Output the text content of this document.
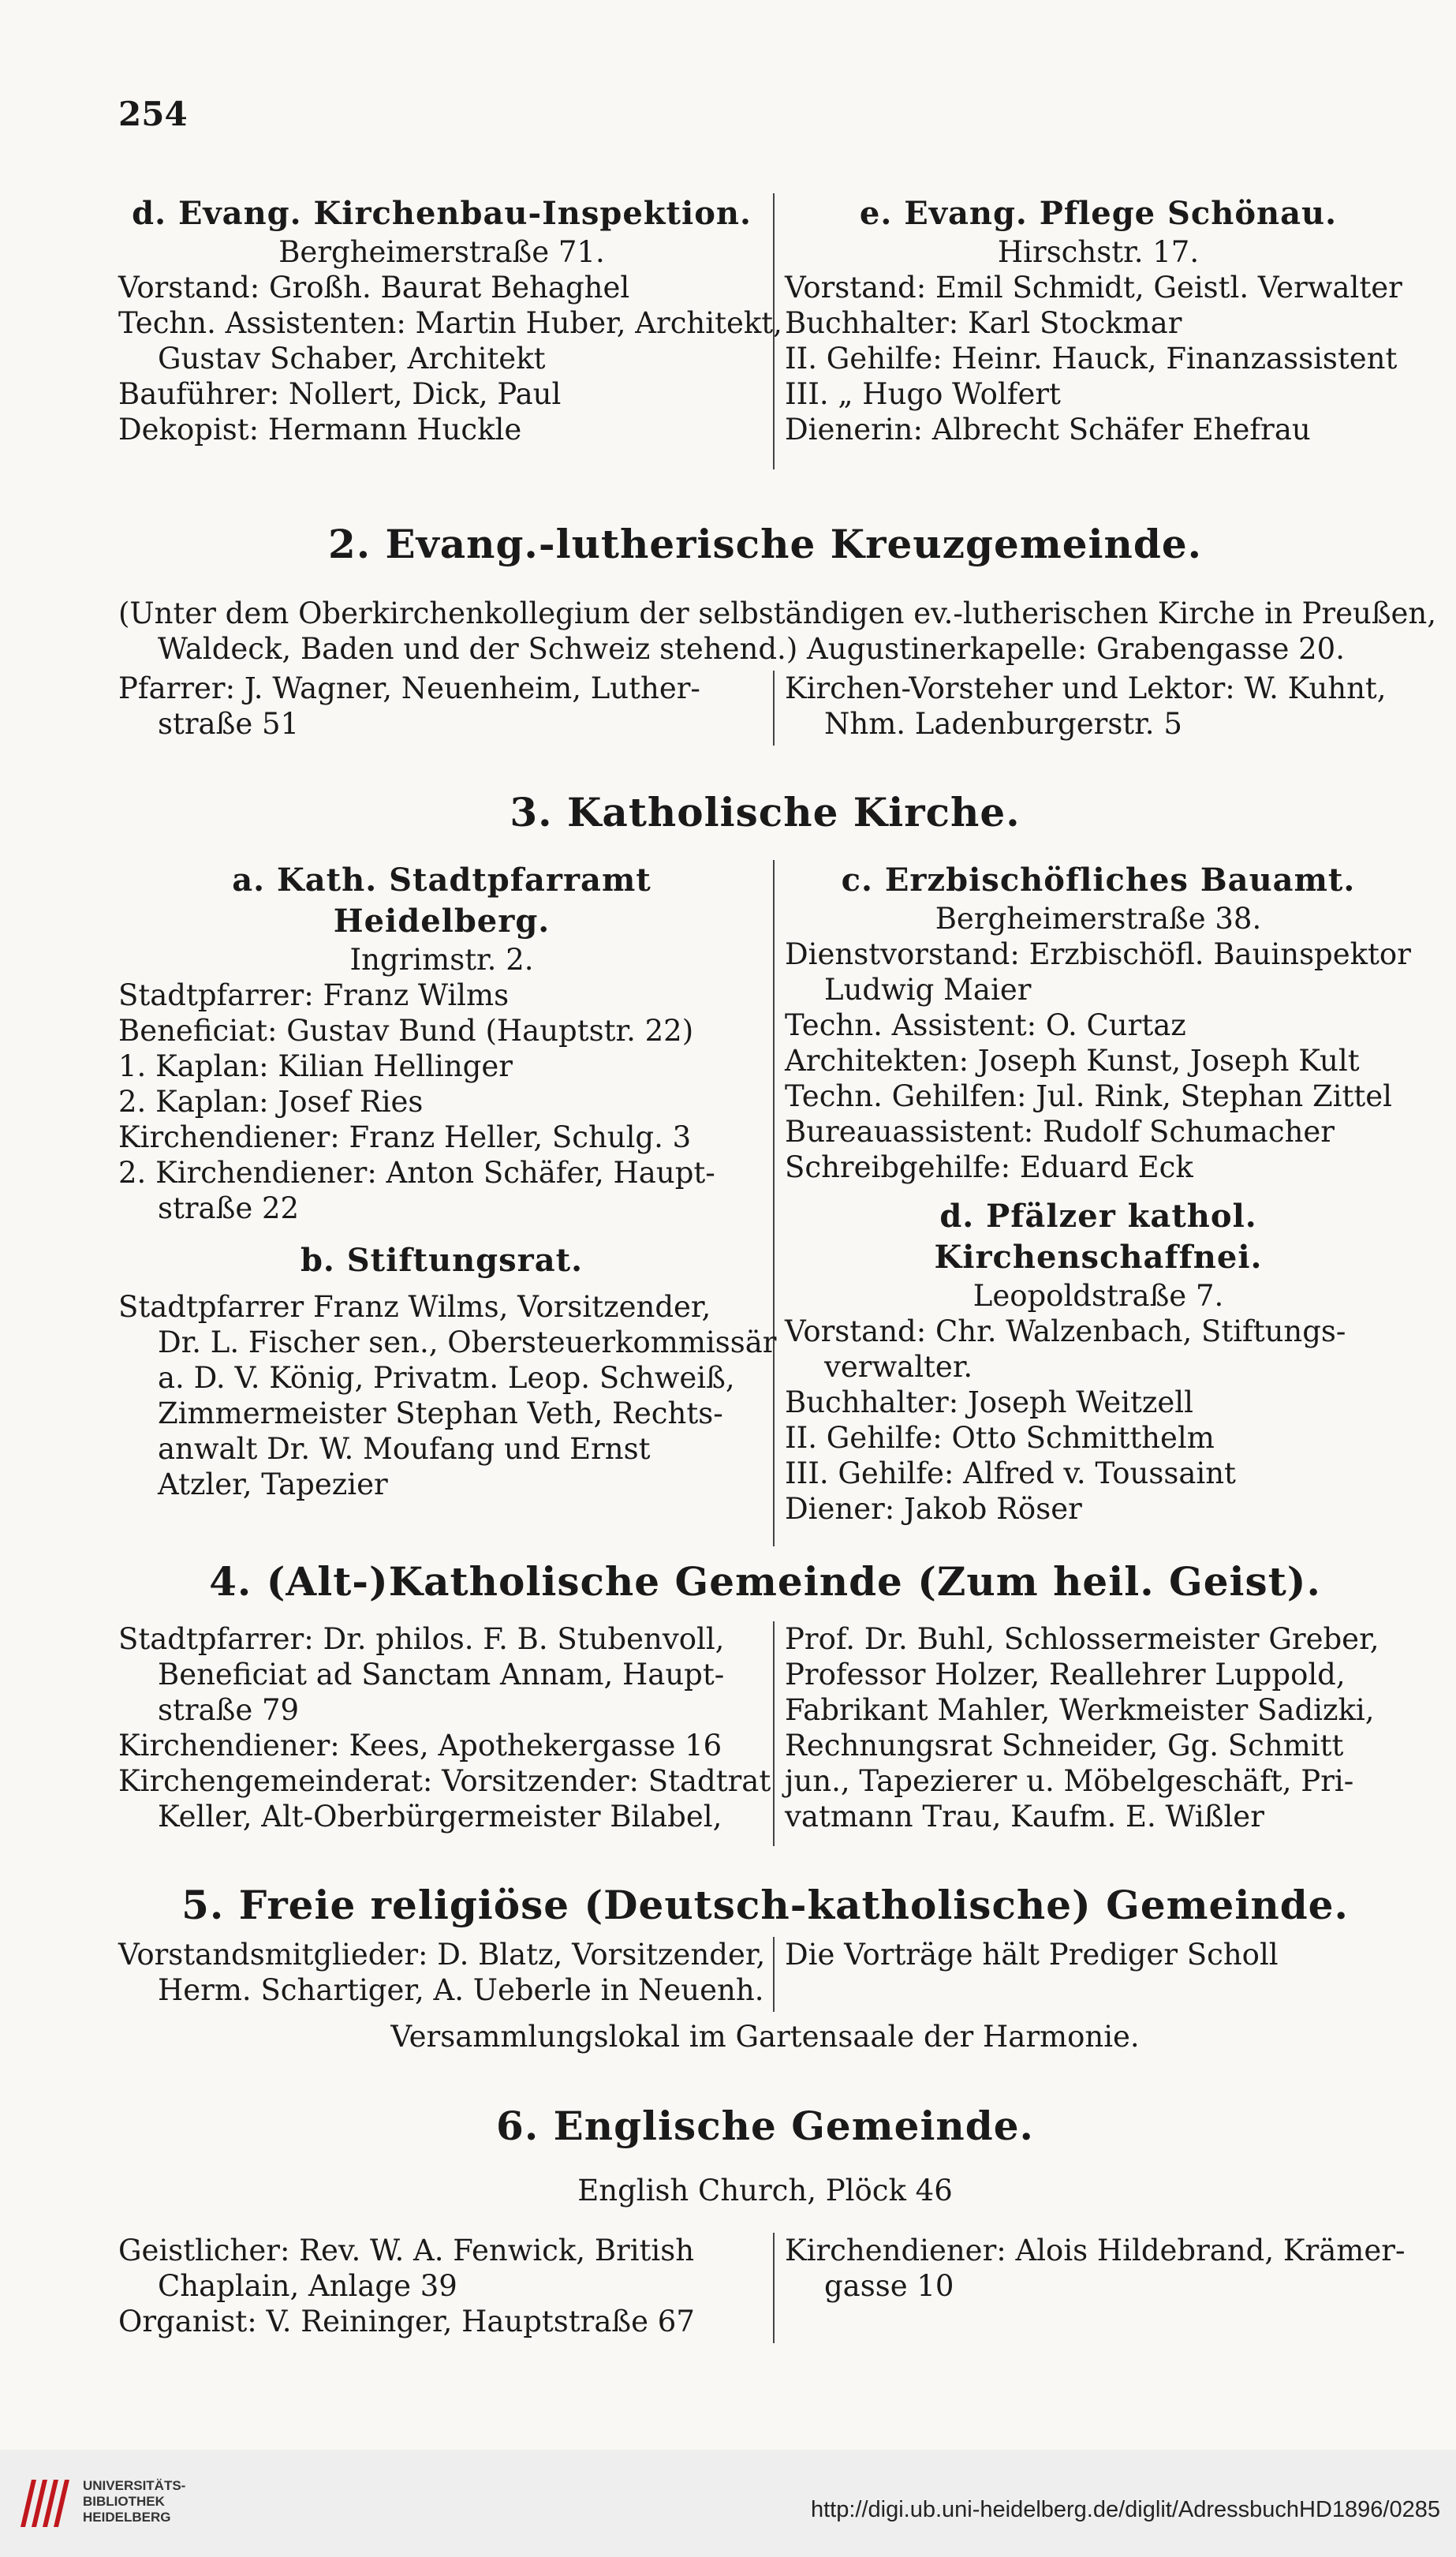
254
d. Evang. Kirchenbau-Inspektion.
Bergheimerstraße 71.
Vorstand: Großh. Baurat Behaghel
Techn. Assistenten: Martin Huber, Architekt,
Gustav Schaber, Architekt
Bauführer: Nollert, Dick, Paul
Dekopist: Hermann Huckle
e. Evang. Pflege Schönau.
Hirschstr. 17.
Vorstand: Emil Schmidt, Geistl. Verwalter
Buchhalter: Karl Stockmar
II. Gehilfe: Heinr. Hauck, Finanzassistent
III. „ Hugo Wolfert
Dienerin: Albrecht Schäfer Ehefrau
2. Evang.-lutherische Kreuzgemeinde.
(Unter dem Oberkirchenkollegium der selbständigen ev.-lutherischen Kirche in Preußen,
Waldeck, Baden und der Schweiz stehend.) Augustinerkapelle: Grabengasse 20.
Pfarrer: J. Wagner, Neuenheim, Luther-
straße 51
Kirchen-Vorsteher und Lektor: W. Kuhnt,
Nhm. Ladenburgerstr. 5
3. Katholische Kirche.
a. Kath. Stadtpfarramt Heidelberg.
Ingrimstr. 2.
Stadtpfarrer: Franz Wilms
Beneficiat: Gustav Bund (Hauptstr. 22)
1. Kaplan: Kilian Hellinger
2. Kaplan: Josef Ries
Kirchendiener: Franz Heller, Schulg. 3
2. Kirchendiener: Anton Schäfer, Haupt-
straße 22
b. Stiftungsrat.
Stadtpfarrer Franz Wilms, Vorsitzender,
Dr. L. Fischer sen., Obersteuerkommissär
a. D. V. König, Privatm. Leop. Schweiß,
Zimmermeister Stephan Veth, Rechts-
anwalt Dr. W. Moufang und Ernst
Atzler, Tapezier
c. Erzbischöfliches Bauamt.
Bergheimerstraße 38.
Dienstvorstand: Erzbischöfl. Bauinspektor
Ludwig Maier
Techn. Assistent: O. Curtaz
Architekten: Joseph Kunst, Joseph Kult
Techn. Gehilfen: Jul. Rink, Stephan Zittel
Bureauassistent: Rudolf Schumacher
Schreibgehilfe: Eduard Eck
d. Pfälzer kathol. Kirchenschaffnei.
Leopoldstraße 7.
Vorstand: Chr. Walzenbach, Stiftungs-
verwalter.
Buchhalter: Joseph Weitzell
II. Gehilfe: Otto Schmitthelm
III. Gehilfe: Alfred v. Toussaint
Diener: Jakob Röser
4. (Alt-)Katholische Gemeinde (Zum heil. Geist).
Stadtpfarrer: Dr. philos. F. B. Stubenvoll,
Beneficiat ad Sanctam Annam, Haupt-
straße 79
Kirchendiener: Kees, Apothekergasse 16
Kirchengemeinderat: Vorsitzender: Stadtrat
Keller, Alt-Oberbürgermeister Bilabel,
Prof. Dr. Buhl, Schlossermeister Greber,
Professor Holzer, Reallehrer Luppold,
Fabrikant Mahler, Werkmeister Sadizki,
Rechnungsrat Schneider, Gg. Schmitt
jun., Tapezierer u. Möbelgeschäft, Pri-
vatmann Trau, Kaufm. E. Wißler
5. Freie religiöse (Deutsch-katholische) Gemeinde.
Vorstandsmitglieder: D. Blatz, Vorsitzender,
Herm. Schartiger, A. Ueberle in Neuenh.
Die Vorträge hält Prediger Scholl
Versammlungslokal im Gartensaale der Harmonie.
6. Englische Gemeinde.
English Church, Plöck 46
Geistlicher: Rev. W. A. Fenwick, British
Chaplain, Anlage 39
Organist: V. Reininger, Hauptstraße 67
Kirchendiener: Alois Hildebrand, Krämer-
gasse 10
UNIVERSITÄTS-
BIBLIOTHEK
HEIDELBERG	http://digi.ub.uni-heidelberg.de/diglit/AdressbuchHD1896/0285
